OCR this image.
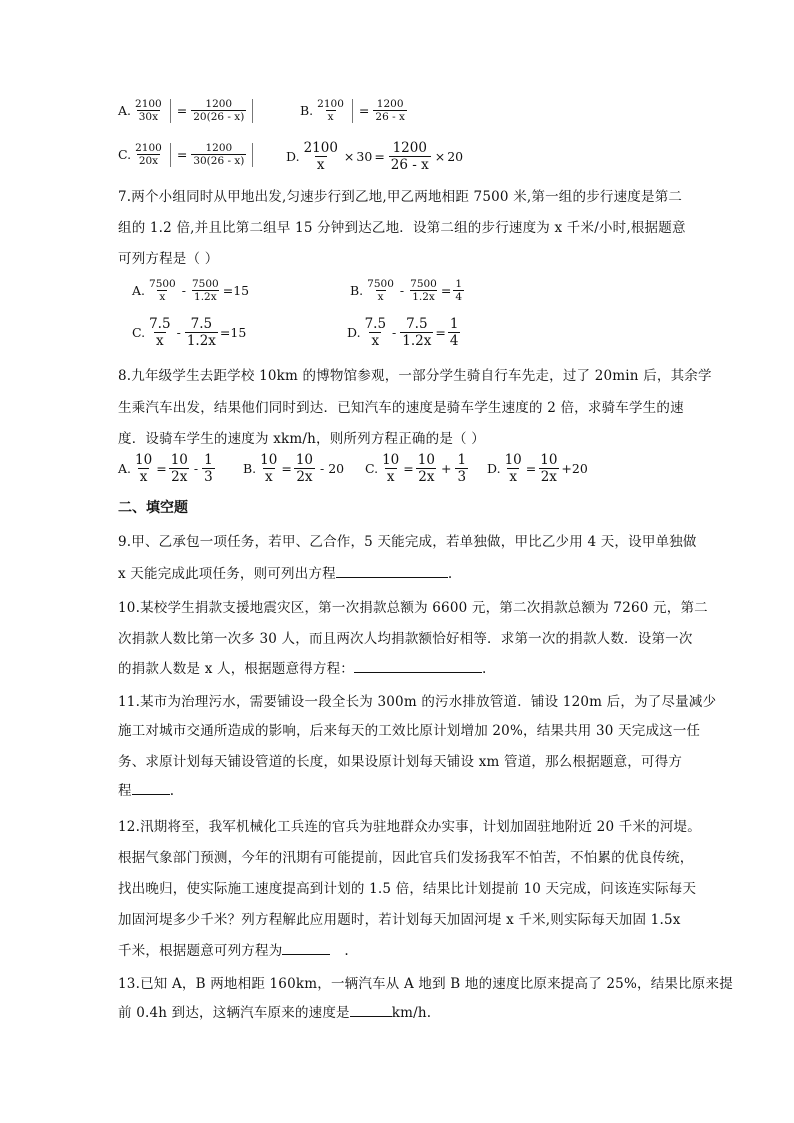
A. $\frac{2100}{30x} = \frac{1200}{20(26 - x)}$	B. $\frac{2100}{x} = \frac{1200}{26 - x}$
C. $\frac{2100}{20x} = \frac{1200}{30(26 - x)}$	D. $\frac{2100}{x} \times 30 = \frac{1200}{26 - x} \times 20$
7.两个小组同时从甲地出发,匀速步行到乙地,甲乙两地相距 7500 米,第一组的步行速度是第二
组的 1.2 倍,并且比第二组早 15 分钟到达乙地．设第二组的步行速度为 x 千米/小时,根据题意
可列方程是（ ）
A. $\frac{7500}{x} - \frac{7500}{1.2x} =15$	B. $\frac{7500}{x} - \frac{7500}{1.2x} = \frac{1}{4}$
C. $\frac{7.5}{x} - \frac{7.5}{1.2x} =15$	D. $\frac{7.5}{x} - \frac{7.5}{1.2x} = \frac{1}{4}$
8.九年级学生去距学校 10km 的博物馆参观，一部分学生骑自行车先走，过了 20min 后，其余学
生乘汽车出发，结果他们同时到达．已知汽车的速度是骑车学生速度的 2 倍，求骑车学生的速
度．设骑车学生的速度为 xkm/h，则所列方程正确的是（ ）
A. $\frac{10}{x} = \frac{10}{2x} - \frac{1}{3} B$. $\frac{10}{x} = \frac{10}{2x} - 20$ C. $\frac{10}{x} = \frac{10}{2x} + \frac{1}{3} D$. $\frac{10}{x} = \frac{10}{2x} +20$
二、填空题
9.甲、乙承包一项任务，若甲、乙合作，5 天能完成，若单独做，甲比乙少用 4 天，设甲单独做
x 天能完成此项任务，则可列出方程	.
10.某校学生捐款支援地震灾区，第一次捐款总额为 6600 元，第二次捐款总额为 7260 元，第二
次捐款人数比第一次多 30 人，而且两次人均捐款额恰好相等．求第一次的捐款人数．设第一次
的捐款人数是 x 人，根据题意得方程：	.
11.某市为治理污水，需要铺设一段全长为 300m 的污水排放管道．铺设 120m 后，为了尽量减少
施工对城市交通所造成的影响，后来每天的工效比原计划增加 20%，结果共用 30 天完成这一任
务、求原计划每天铺设管道的长度，如果设原计划每天铺设 xm 管道，那么根据题意，可得方
程	.
12.汛期将至，我军机械化工兵连的官兵为驻地群众办实事，计划加固驻地附近 20 千米的河堤。
根据气象部门预测，今年的汛期有可能提前，因此官兵们发扬我军不怕苦，不怕累的优良传统，
找出晚归，使实际施工速度提高到计划的 1.5 倍，结果比计划提前 10 天完成，问该连实际每天
加固河堤多少千米？列方程解此应用题时，若计划每天加固河堤 x 千米,则实际每天加固 1.5x
千米，根据题意可列方程为	.
13.已知 A，B 两地相距 160km，一辆汽车从 A 地到 B 地的速度比原来提高了 25%，结果比原来提
前 0.4h 到达，这辆汽车原来的速度是	km/h.
